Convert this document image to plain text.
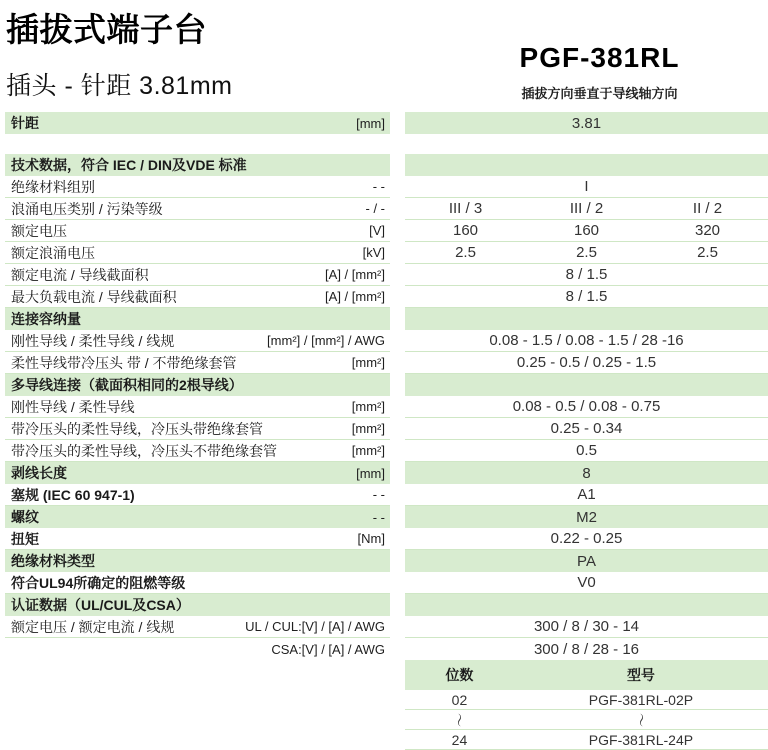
插拔式端子台
插头 - 针距 3.81mm
PGF-381RL
插拔方向垂直于导线轴方向
针距	[mm]	3.81
技术数据，符合 IEC / DIN及VDE 标准
绝缘材料组别	- -	I
浪涌电压类别 / 污染等级	- / -	III / 3	III / 2	II / 2
额定电压	[V]	160	160	320
额定浪涌电压	[kV]	2.5	2.5	2.5
额定电流 / 导线截面积	[A] / [mm²]	8 / 1.5
最大负载电流 / 导线截面积	[A] / [mm²]	8 / 1.5
连接容纳量
刚性导线 / 柔性导线 / 线规	[mm²] / [mm²] / AWG	0.08 - 1.5 / 0.08 - 1.5 / 28 -16
柔性导线带冷压头 带 / 不带绝缘套管	[mm²]	0.25 - 0.5 / 0.25 - 1.5
多导线连接（截面积相同的2根导线）
刚性导线 / 柔性导线	[mm²]	0.08 - 0.5 / 0.08 - 0.75
带冷压头的柔性导线，冷压头带绝缘套管	[mm²]	0.25 - 0.34
带冷压头的柔性导线，冷压头不带绝缘套管	[mm²]	0.5
剥线长度	[mm]	8
塞规 (IEC 60 947-1)	- -	A1
螺纹	- -	M2
扭矩	[Nm]	0.22 - 0.25
绝缘材料类型	PA
符合UL94所确定的阻燃等级	V0
认证数据（UL/CUL及CSA）
额定电压 / 额定电流 / 线规	UL / CUL:[V] / [A] / AWG	300 / 8 / 30 - 14
CSA:[V] / [A] / AWG	300 / 8 / 28 - 16
位数	型号
02	PGF-381RL-02P
～	～
24	PGF-381RL-24P
